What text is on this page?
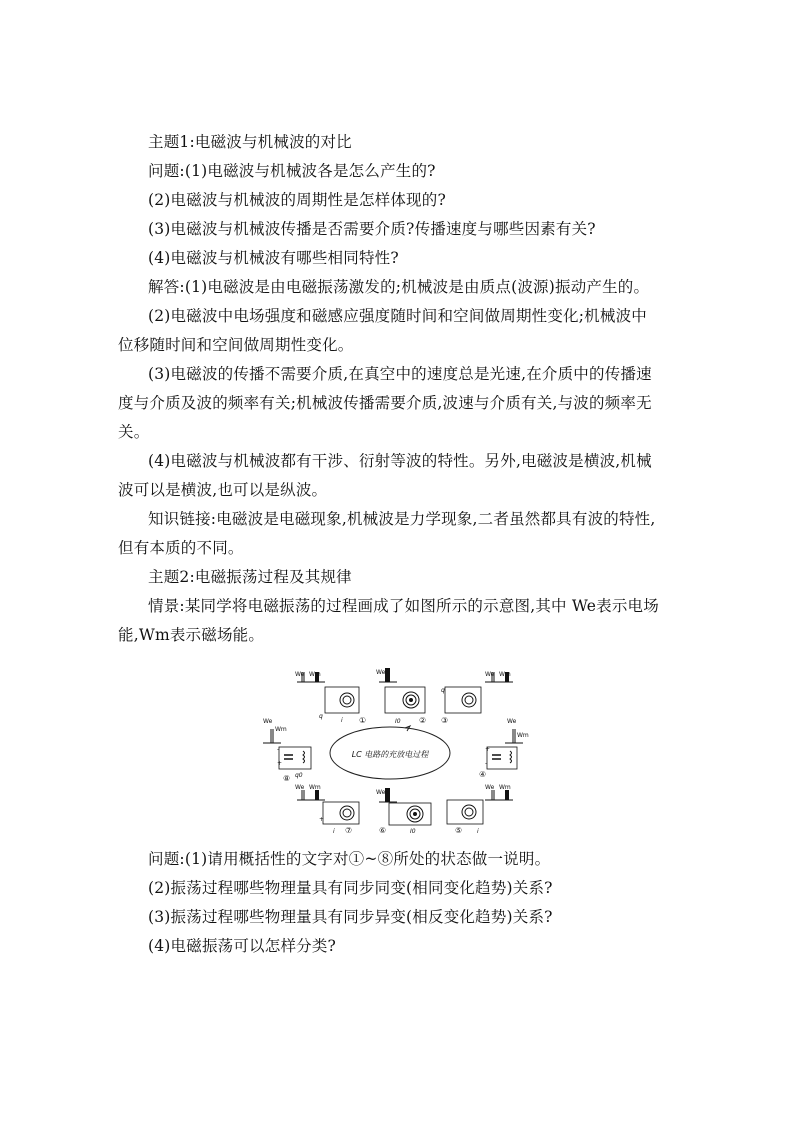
主题1:电磁波与机械波的对比
问题:(1)电磁波与机械波各是怎么产生的?
(2)电磁波与机械波的周期性是怎样体现的?
(3)电磁波与机械波传播是否需要介质?传播速度与哪些因素有关?
(4)电磁波与机械波有哪些相同特性?
解答:(1)电磁波是由电磁振荡激发的;机械波是由质点(波源)振动产生的。
(2)电磁波中电场强度和磁感应强度随时间和空间做周期性变化;机械波中
位移随时间和空间做周期性变化。
(3)电磁波的传播不需要介质,在真空中的速度总是光速,在介质中的传播速
度与介质及波的频率有关;机械波传播需要介质,波速与介质有关,与波的频率无
关。
(4)电磁波与机械波都有干涉、衍射等波的特性。另外,电磁波是横波,机械
波可以是横波,也可以是纵波。
知识链接:电磁波是电磁现象,机械波是力学现象,二者虽然都具有波的特性,
但有本质的不同。
主题2:电磁振荡过程及其规律
情景:某同学将电磁振荡的过程画成了如图所示的示意图,其中 We表示电场
能,Wm表示磁场能。
LC 电路的充放电过程
We Wm
q
i ①
We
I0 ②
We Wm
q
③	We
Wm
+
-
④
We Wm
i
⑤
We
I0
⑥
We Wm
+
i ⑦
We
Wm
-
+
q0
⑧
问题:(1)请用概括性的文字对①~⑧所处的状态做一说明。
(2)振荡过程哪些物理量具有同步同变(相同变化趋势)关系?
(3)振荡过程哪些物理量具有同步异变(相反变化趋势)关系?
(4)电磁振荡可以怎样分类?
